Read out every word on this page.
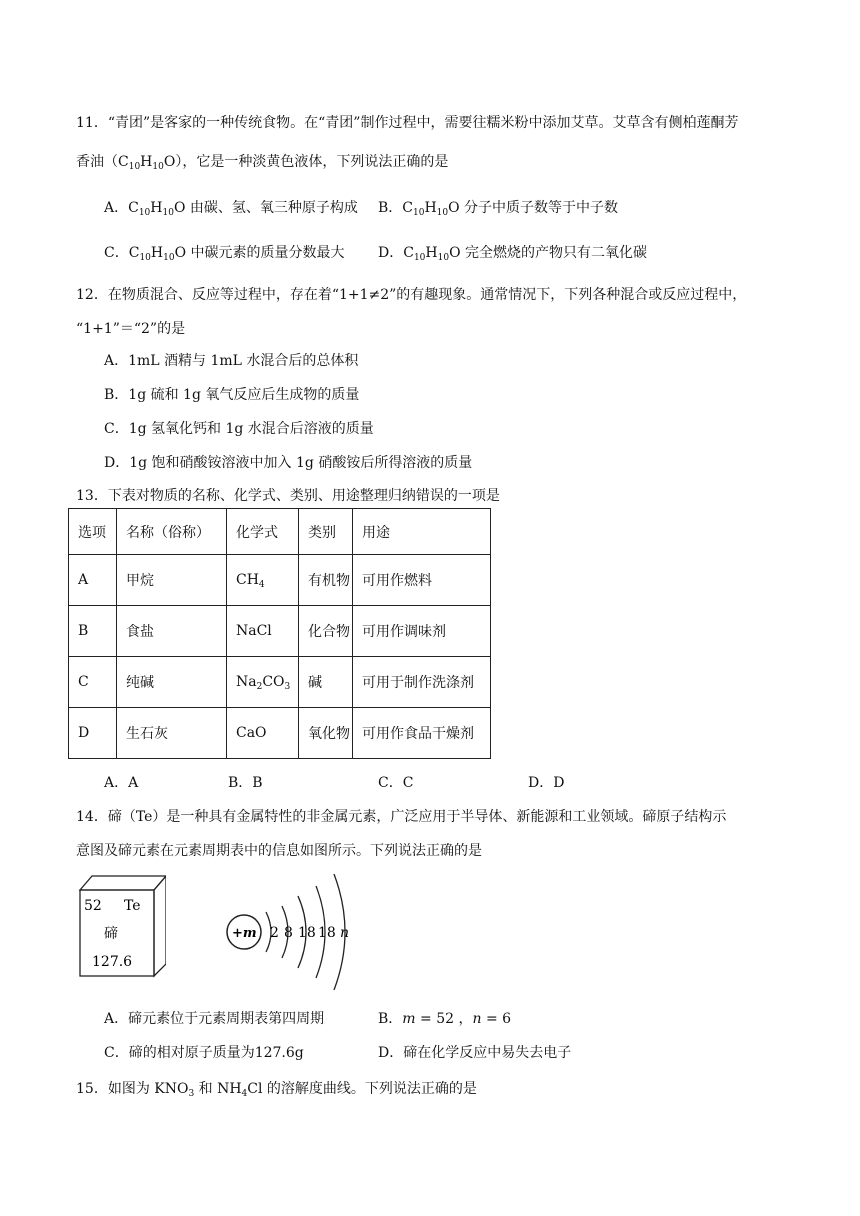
11．“青团”是客家的一种传统食物。在“青团”制作过程中，需要往糯米粉中添加艾草。艾草含有侧柏莲酮芳
香油$(C_{10}H_{10}O)$，它是一种淡黄色液体，下列说法正确的是
A．$C_{10}H_{10}O$ 由碳、氢、氧三种原子构成 B．$C_{10}H_{10}O$ 分子中质子数等于中子数
C．$C_{10}H_{10}O$ 中碳元素的质量分数最大 D．$C_{10}H_{10}O$ 完全燃烧的产物只有二氧化碳
12．在物质混合、反应等过程中，存在着“1+1≠2”的有趣现象。通常情况下，下列各种混合或反应过程中，
“1+1”＝“2”的是
A．1mL 酒精与 1mL 水混合后的总体积
B．1g 硫和 1g 氧气反应后生成物的质量
C．1g 氢氧化钙和 1g 水混合后溶液的质量
D．1g 饱和硝酸铵溶液中加入 1g 硝酸铵后所得溶液的质量
13．下表对物质的名称、化学式、类别、用途整理归纳错误的一项是
选项	名称（俗称）	化学式	类别	用途
A	甲烷	$CH_4$	有机物	可用作燃料
B	食盐	NaCl	化合物	可用作调味剂
C	纯碱	$Na_2CO_3$	碱	可用于制作洗涤剂
D	生石灰	CaO	氧化物	可用作食品干燥剂
A．A	B．B	C．C	D．D
14．碲（Te）是一种具有金属特性的非金属元素，广泛应用于半导体、新能源和工业领域。碲原子结构示
意图及碲元素在元素周期表中的信息如图所示。下列说法正确的是
52 Te
碲
127.6
+m 2 8 18 18 n
A．碲元素位于元素周期表第四周期	B．m = 52 ，n = 6
C．碲的相对原子质量为127.6g	D．碲在化学反应中易失去电子
15．如图为 $KNO_3$ 和 $NH_4Cl$ 的溶解度曲线。下列说法正确的是
